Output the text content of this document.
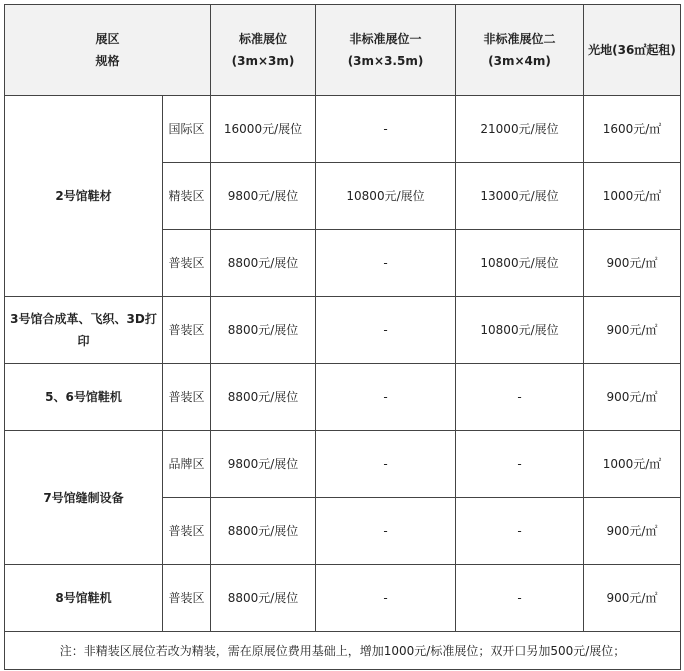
展区
规格		标准展位(3m×3m)	非标准展位一(3m×3.5m)	非标准展位二(3m×4m)	光地(36㎡起租)
2号馆鞋材	国际区	16000元/展位	-	21000元/展位	1600元/㎡
	精装区	9800元/展位	10800元/展位	13000元/展位	1000元/㎡
	普装区	8800元/展位	-	10800元/展位	900元/㎡
3号馆合成革、飞织、3D打印	普装区	8800元/展位	-	10800元/展位	900元/㎡
5、6号馆鞋机	普装区	8800元/展位	-	-	900元/㎡
7号馆缝制设备	品牌区	9800元/展位	-	-	1000元/㎡
	普装区	8800元/展位	-	-	900元/㎡
8号馆鞋机	普装区	8800元/展位	-	-	900元/㎡
注：非精装区展位若改为精装，需在原展位费用基础上，增加1000元/标准展位；双开口另加500元/展位；					
